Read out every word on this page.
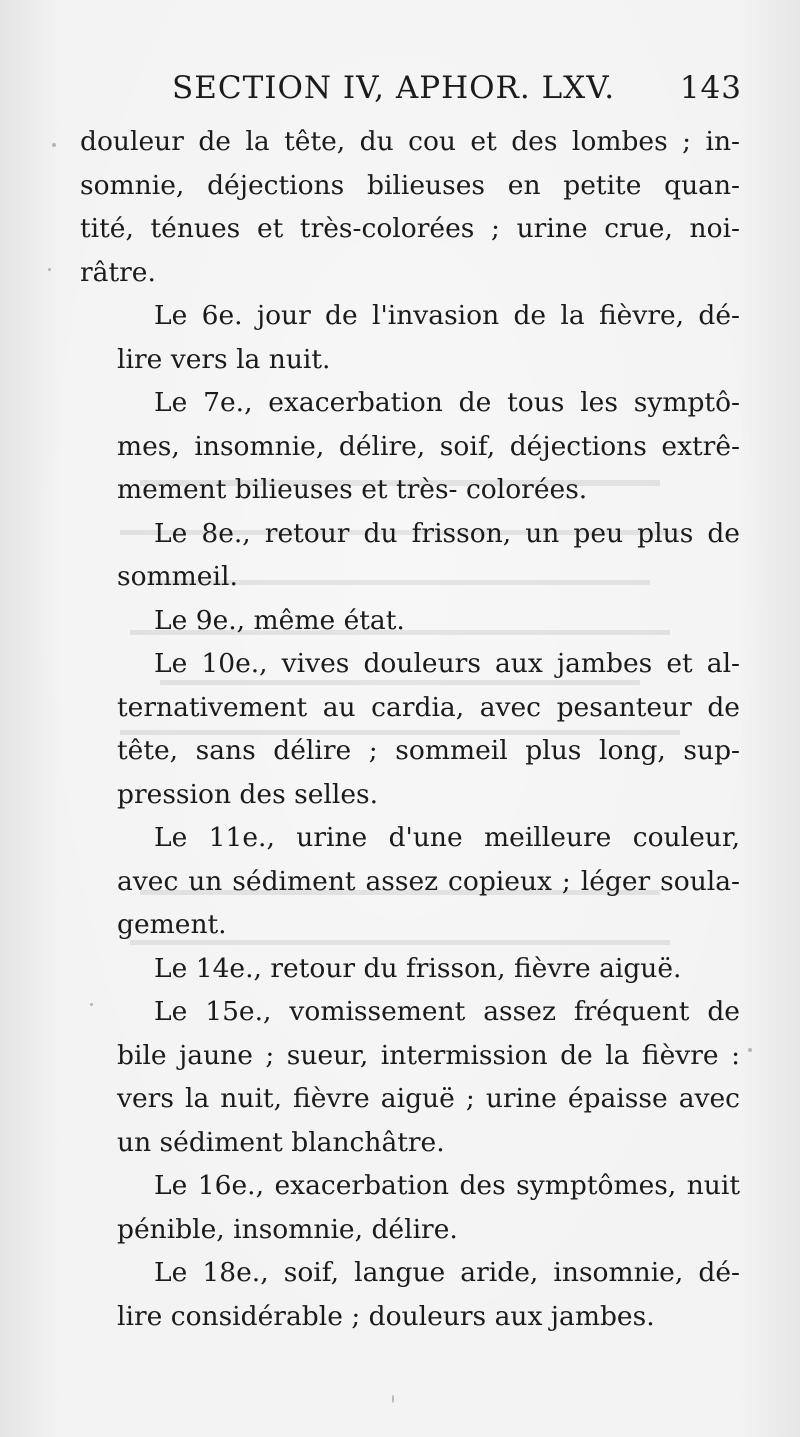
SECTION IV, APHOR. LXV. 143
douleur de la tête, du cou et des lombes ; in-
somnie, déjections bilieuses en petite quan-
tité, ténues et très-colorées ; urine crue, noi-
râtre.
Le 6e. jour de l'invasion de la fièvre, dé-
lire vers la nuit.
Le 7e., exacerbation de tous les symptô-
mes, insomnie, délire, soif, déjections extrê-
mement bilieuses et très- colorées.
Le 8e., retour du frisson, un peu plus de
sommeil.
Le 9e., même état.
Le 10e., vives douleurs aux jambes et al-
ternativement au cardia, avec pesanteur de
tête, sans délire ; sommeil plus long, sup-
pression des selles.
Le 11e., urine d'une meilleure couleur,
avec un sédiment assez copieux ; léger soula-
gement.
Le 14e., retour du frisson, fièvre aiguë.
Le 15e., vomissement assez fréquent de
bile jaune ; sueur, intermission de la fièvre :
vers la nuit, fièvre aiguë ; urine épaisse avec
un sédiment blanchâtre.
Le 16e., exacerbation des symptômes, nuit
pénible, insomnie, délire.
Le 18e., soif, langue aride, insomnie, dé-
lire considérable ; douleurs aux jambes.
